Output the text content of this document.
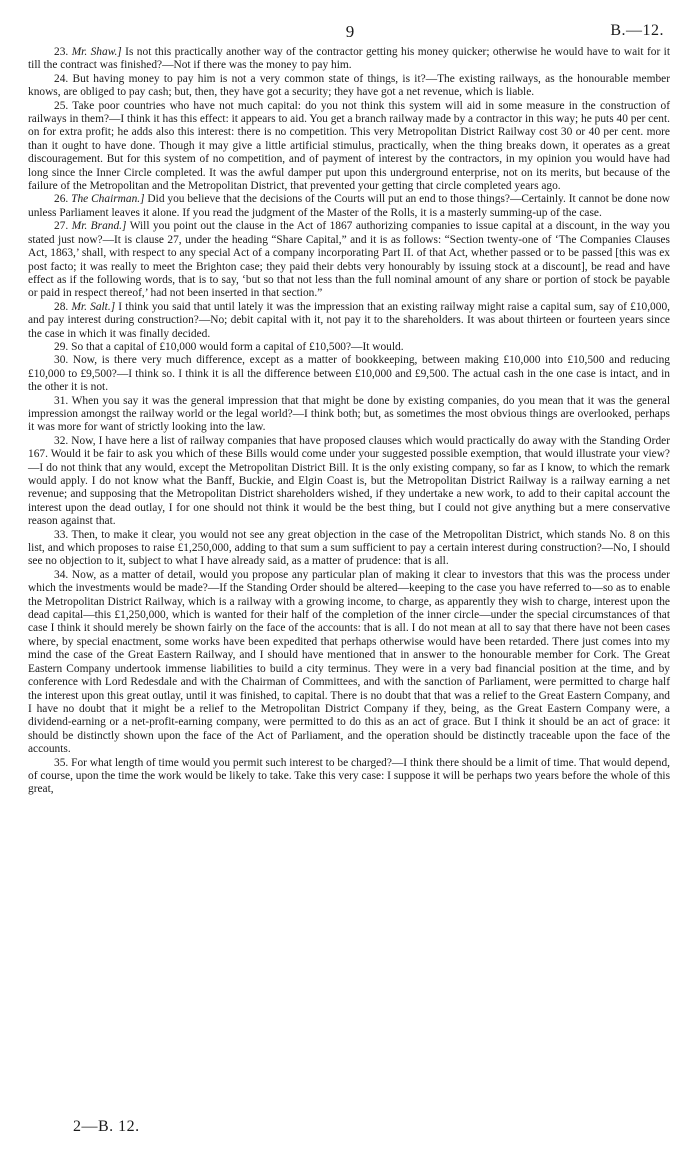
9	B.—12.

23. Mr. Shaw.] Is not this practically another way of the contractor getting his money quicker; otherwise he would have to wait for it till the contract was finished?—Not if there was the money to pay him.

24. But having money to pay him is not a very common state of things, is it?—The existing railways, as the honourable member knows, are obliged to pay cash; but, then, they have got a security; they have got a net revenue, which is liable.

25. Take poor countries who have not much capital: do you not think this system will aid in some measure in the construction of railways in them?—I think it has this effect: it appears to aid. You get a branch railway made by a contractor in this way; he puts 40 per cent. on for extra profit; he adds also this interest: there is no competition. This very Metropolitan District Railway cost 30 or 40 per cent. more than it ought to have done. Though it may give a little artificial stimulus, practically, when the thing breaks down, it operates as a great discouragement. But for this system of no competition, and of payment of interest by the contractors, in my opinion you would have had long since the Inner Circle completed. It was the awful damper put upon this underground enterprise, not on its merits, but because of the failure of the Metropolitan and the Metropolitan District, that prevented your getting that circle completed years ago.

26. The Chairman.] Did you believe that the decisions of the Courts will put an end to those things?—Certainly. It cannot be done now unless Parliament leaves it alone. If you read the judgment of the Master of the Rolls, it is a masterly summing-up of the case.

27. Mr. Brand.] Will you point out the clause in the Act of 1867 authorizing companies to issue capital at a discount, in the way you stated just now?—It is clause 27, under the heading “Share Capital,” and it is as follows: “Section twenty-one of ‘The Companies Clauses Act, 1863,’ shall, with respect to any special Act of a company incorporating Part II. of that Act, whether passed or to be passed [this was ex post facto; it was really to meet the Brighton case; they paid their debts very honourably by issuing stock at a discount], be read and have effect as if the following words, that is to say, ‘but so that not less than the full nominal amount of any share or portion of stock be payable or paid in respect thereof,’ had not been inserted in that section.”

28. Mr. Salt.] I think you said that until lately it was the impression that an existing railway might raise a capital sum, say of £10,000, and pay interest during construction?—No; debit capital with it, not pay it to the shareholders. It was about thirteen or fourteen years since the case in which it was finally decided.

29. So that a capital of £10,000 would form a capital of £10,500?—It would.

30. Now, is there very much difference, except as a matter of bookkeeping, between making £10,000 into £10,500 and reducing £10,000 to £9,500?—I think so. I think it is all the difference between £10,000 and £9,500. The actual cash in the one case is intact, and in the other it is not.

31. When you say it was the general impression that that might be done by existing companies, do you mean that it was the general impression amongst the railway world or the legal world?—I think both; but, as sometimes the most obvious things are overlooked, perhaps it was more for want of strictly looking into the law.

32. Now, I have here a list of railway companies that have proposed clauses which would practically do away with the Standing Order 167. Would it be fair to ask you which of these Bills would come under your suggested possible exemption, that would illustrate your view?—I do not think that any would, except the Metropolitan District Bill. It is the only existing company, so far as I know, to which the remark would apply. I do not know what the Banff, Buckie, and Elgin Coast is, but the Metropolitan District Railway is a railway earning a net revenue; and supposing that the Metropolitan District shareholders wished, if they undertake a new work, to add to their capital account the interest upon the dead outlay, I for one should not think it would be the best thing, but I could not give anything but a mere conservative reason against that.

33. Then, to make it clear, you would not see any great objection in the case of the Metropolitan District, which stands No. 8 on this list, and which proposes to raise £1,250,000, adding to that sum a sum sufficient to pay a certain interest during construction?—No, I should see no objection to it, subject to what I have already said, as a matter of prudence: that is all.

34. Now, as a matter of detail, would you propose any particular plan of making it clear to investors that this was the process under which the investments would be made?—If the Standing Order should be altered—keeping to the case you have referred to—so as to enable the Metropolitan District Railway, which is a railway with a growing income, to charge, as apparently they wish to charge, interest upon the dead capital—this £1,250,000, which is wanted for their half of the completion of the inner circle—under the special circumstances of that case I think it should merely be shown fairly on the face of the accounts: that is all. I do not mean at all to say that there have not been cases where, by special enactment, some works have been expedited that perhaps otherwise would have been retarded. There just comes into my mind the case of the Great Eastern Railway, and I should have mentioned that in answer to the honourable member for Cork. The Great Eastern Company undertook immense liabilities to build a city terminus. They were in a very bad financial position at the time, and by conference with Lord Redesdale and with the Chairman of Committees, and with the sanction of Parliament, were permitted to charge half the interest upon this great outlay, until it was finished, to capital. There is no doubt that that was a relief to the Great Eastern Company, and I have no doubt that it might be a relief to the Metropolitan District Company if they, being, as the Great Eastern Company were, a dividend-earning or a net-profit-earning company, were permitted to do this as an act of grace. But I think it should be an act of grace: it should be distinctly shown upon the face of the Act of Parliament, and the operation should be distinctly traceable upon the face of the accounts.

35. For what length of time would you permit such interest to be charged?—I think there should be a limit of time. That would depend, of course, upon the time the work would be likely to take. Take this very case: I suppose it will be perhaps two years before the whole of this great,

2—B. 12.
